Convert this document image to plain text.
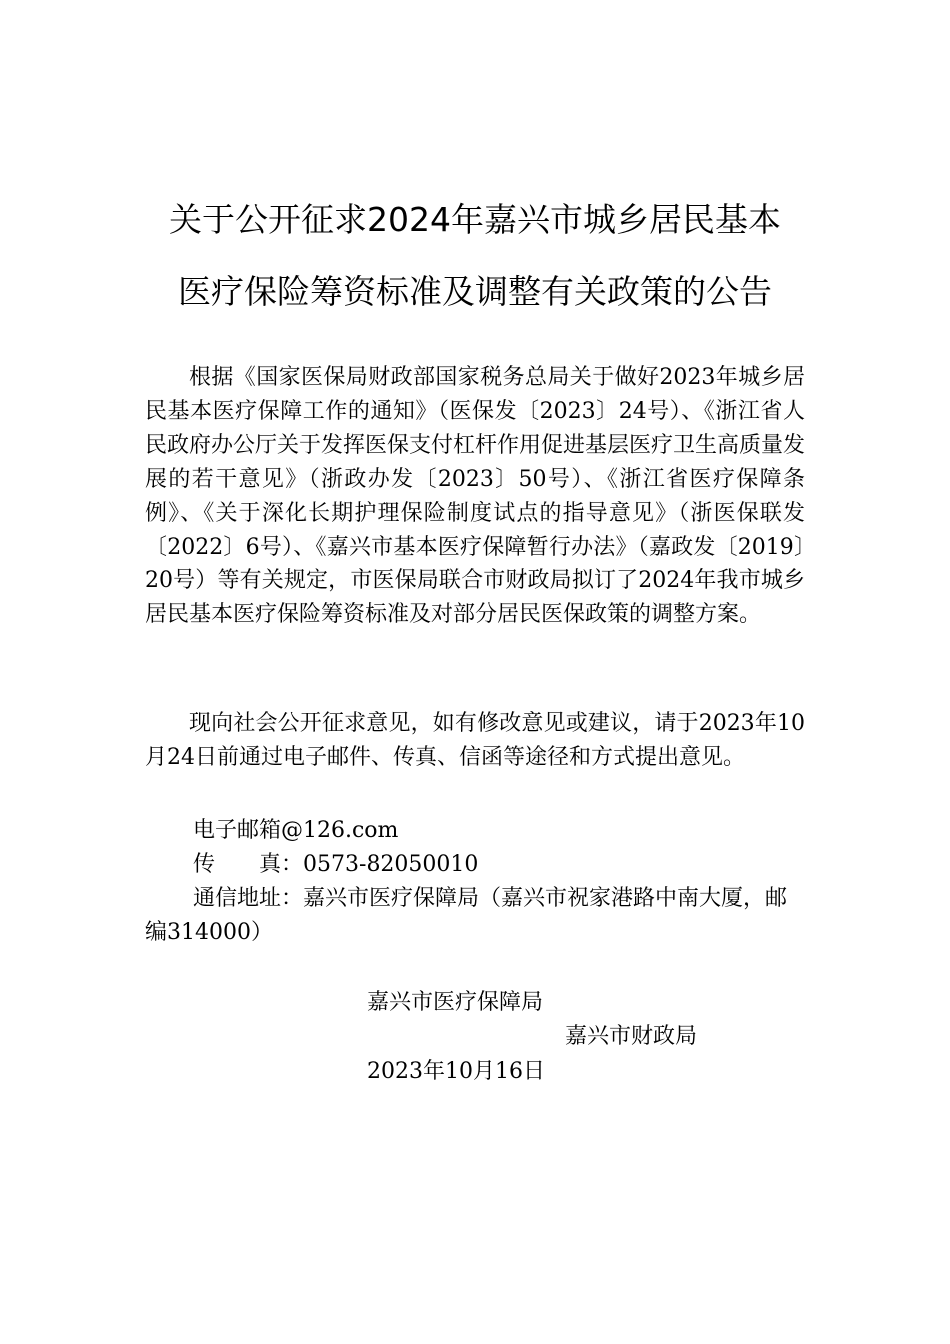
关于公开征求2024年嘉兴市城乡居民基本
医疗保险筹资标准及调整有关政策的公告

根据《国家医保局财政部国家税务总局关于做好2023年城乡居民基本医疗保障工作的通知》（医保发〔2023〕24号）、《浙江省人民政府办公厅关于发挥医保支付杠杆作用促进基层医疗卫生高质量发展的若干意见》（浙政办发〔2023〕50号）、《浙江省医疗保障条例》、《关于深化长期护理保险制度试点的指导意见》（浙医保联发〔2022〕6号）、《嘉兴市基本医疗保障暂行办法》（嘉政发〔2019〕20号）等有关规定，市医保局联合市财政局拟订了2024年我市城乡居民基本医疗保险筹资标准及对部分居民医保政策的调整方案。

现向社会公开征求意见，如有修改意见或建议，请于2023年10月24日前通过电子邮件、传真、信函等途径和方式提出意见。

电子邮箱@126.com
传 真：0573-82050010

通信地址：嘉兴市医疗保障局（嘉兴市祝家港路中南大厦，邮编314000）

嘉兴市医疗保障局
嘉兴市财政局
2023年10月16日
